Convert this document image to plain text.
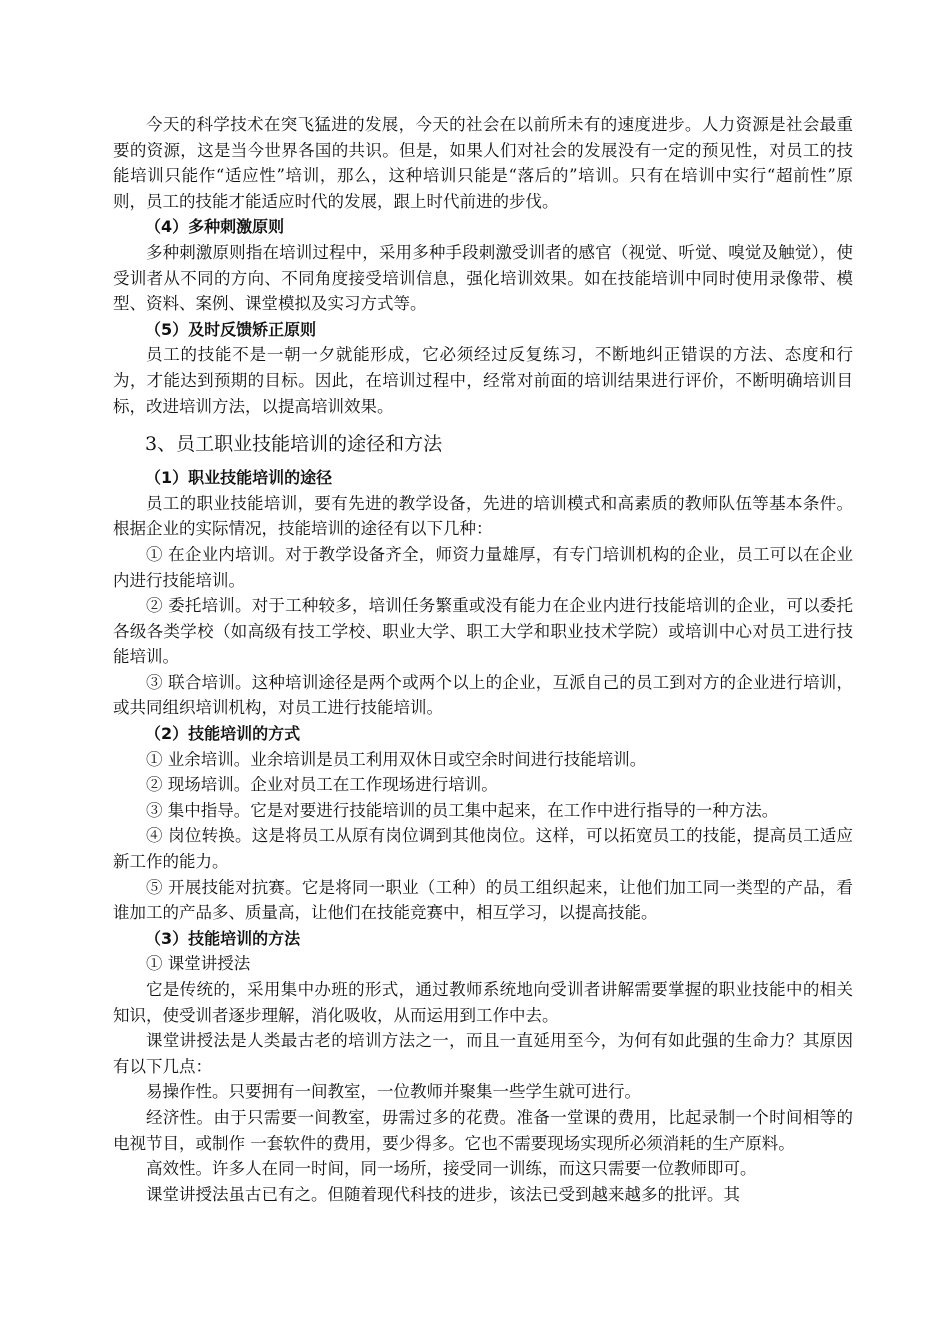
今天的科学技术在突飞猛进的发展，今天的社会在以前所未有的速度进步。人力资源是社会最重要的资源，这是当今世界各国的共识。但是，如果人们对社会的发展没有一定的预见性，对员工的技能培训只能作“适应性”培训，那么，这种培训只能是“落后的”培训。只有在培训中实行“超前性”原则，员工的技能才能适应时代的发展，跟上时代前进的步伐。

（4）多种刺激原则

多种刺激原则指在培训过程中，采用多种手段刺激受训者的感官（视觉、听觉、嗅觉及触觉），使受训者从不同的方向、不同角度接受培训信息，强化培训效果。如在技能培训中同时使用录像带、模型、资料、案例、课堂模拟及实习方式等。

（5）及时反馈矫正原则

员工的技能不是一朝一夕就能形成，它必须经过反复练习，不断地纠正错误的方法、态度和行为，才能达到预期的目标。因此，在培训过程中，经常对前面的培训结果进行评价，不断明确培训目标，改进培训方法，以提高培训效果。

3、员工职业技能培训的途径和方法
（1）职业技能培训的途径

员工的职业技能培训，要有先进的教学设备，先进的培训模式和高素质的教师队伍等基本条件。根据企业的实际情况，技能培训的途径有以下几种：

① 在企业内培训。对于教学设备齐全，师资力量雄厚，有专门培训机构的企业，员工可以在企业内进行技能培训。

② 委托培训。对于工种较多，培训任务繁重或没有能力在企业内进行技能培训的企业，可以委托各级各类学校（如高级有技工学校、职业大学、职工大学和职业技术学院）或培训中心对员工进行技能培训。

③ 联合培训。这种培训途径是两个或两个以上的企业，互派自己的员工到对方的企业进行培训，或共同组织培训机构，对员工进行技能培训。

（2）技能培训的方式

① 业余培训。业余培训是员工利用双休日或空余时间进行技能培训。

② 现场培训。企业对员工在工作现场进行培训。

③ 集中指导。它是对要进行技能培训的员工集中起来，在工作中进行指导的一种方法。

④ 岗位转换。这是将员工从原有岗位调到其他岗位。这样，可以拓宽员工的技能，提高员工适应新工作的能力。

⑤ 开展技能对抗赛。它是将同一职业（工种）的员工组织起来，让他们加工同一类型的产品，看谁加工的产品多、质量高，让他们在技能竞赛中，相互学习，以提高技能。

（3）技能培训的方法

① 课堂讲授法

它是传统的，采用集中办班的形式，通过教师系统地向受训者讲解需要掌握的职业技能中的相关知识，使受训者逐步理解，消化吸收，从而运用到工作中去。

课堂讲授法是人类最古老的培训方法之一，而且一直延用至今，为何有如此强的生命力？其原因有以下几点：

易操作性。只要拥有一间教室，一位教师并聚集一些学生就可进行。

经济性。由于只需要一间教室，毋需过多的花费。准备一堂课的费用，比起录制一个时间相等的电视节目，或制作 一套软件的费用，要少得多。它也不需要现场实现所必须消耗的生产原料。

高效性。许多人在同一时间，同一场所，接受同一训练，而这只需要一位教师即可。

课堂讲授法虽古已有之。但随着现代科技的进步，该法已受到越来越多的批评。其
